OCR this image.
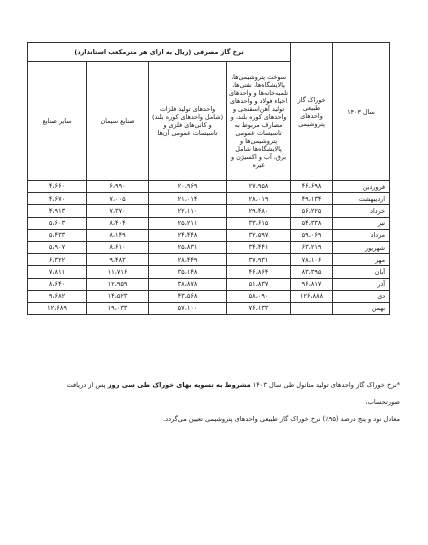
سال ۱۴۰۳	خوراک گاز طبیعی واحدهای پتروشیمی	نرخ گاز مصرفی (ریال به ازای هر مترمکعب استاندارد)			
		سوخت پتروشیمی‌ها، پالایشگاه‌ها، نفتی‌ها، تلمبه‌خانه‌ها و واحدهای احیاء فولاد و واحدهای تولید آهن‌اسفنجی و واحدهای کوره بلند، و مصارف مربوط به تاسیسات عمومی پتروشیمی‌ها و پالایشگاه‌ها شامل برق، آب و اکسیژن و غیره	واحدهای تولید فلزات (شامل واحدهای کوره بلند) و کانی‌های فلزی و تاسیسات عمومی آن‌ها	صنایع سیمان	سایر صنایع
فروردین	۴۶،۶۹۸	۲۷،۹۵۸	۲۰،۹۶۹	۶،۹۹۰	۴،۶۶۰
اردیبهشت	۴۹،۱۳۴	۲۸،۰۱۹	۲۱،۰۱۴	۷،۰۰۵	۴،۶۷۰
خرداد	۵۶،۲۲۵	۲۹،۴۸۰	۲۲،۱۱۰	۷،۳۷۰	۴،۹۱۳
تیر	۵۴،۳۳۸	۳۳،۶۱۵	۲۵،۲۱۱	۸،۴۰۴	۵،۶۰۳
مرداد	۵۹،۰۶۹	۳۲،۵۹۷	۲۴،۴۴۸	۸،۱۴۹	۵،۴۳۳
شهریور	۶۳،۲۱۹	۳۴،۴۴۱	۲۵،۸۳۱	۸،۶۱۰	۵،۹۰۷
مهر	۷۸،۱۰۶	۳۷،۹۳۱	۲۸،۴۴۹	۹،۴۸۳	۶،۳۲۲
آبان	۸۳،۳۹۵	۴۶،۸۶۴	۳۵،۱۴۸	۱۱،۷۱۶	۷،۸۱۱
آذر	۹۶،۸۱۷	۵۱،۸۳۷	۳۸،۸۷۸	۱۲،۹۵۹	۸،۶۴۰
دی	۱۲۶،۸۸۸	۵۸،۰۹۰	۴۳،۵۶۸	۱۴،۵۲۳	۹،۶۸۲
بهمن		۷۶،۱۳۳	۵۷،۱۰۰	۱۹،۰۳۳	۱۲،۶۸۹
*نرخ خوراک گاز واحدهای تولید متانول طی سال ۱۴۰۳ مشروط به تسویه بهای خوراک طی سی روز پس از دریافت صورتحساب،
معادل نود و پنج درصد (۹۵٪) نرخ خوراک گاز طبیعی واحدهای پتروشیمی تعیین می‌گردد.
